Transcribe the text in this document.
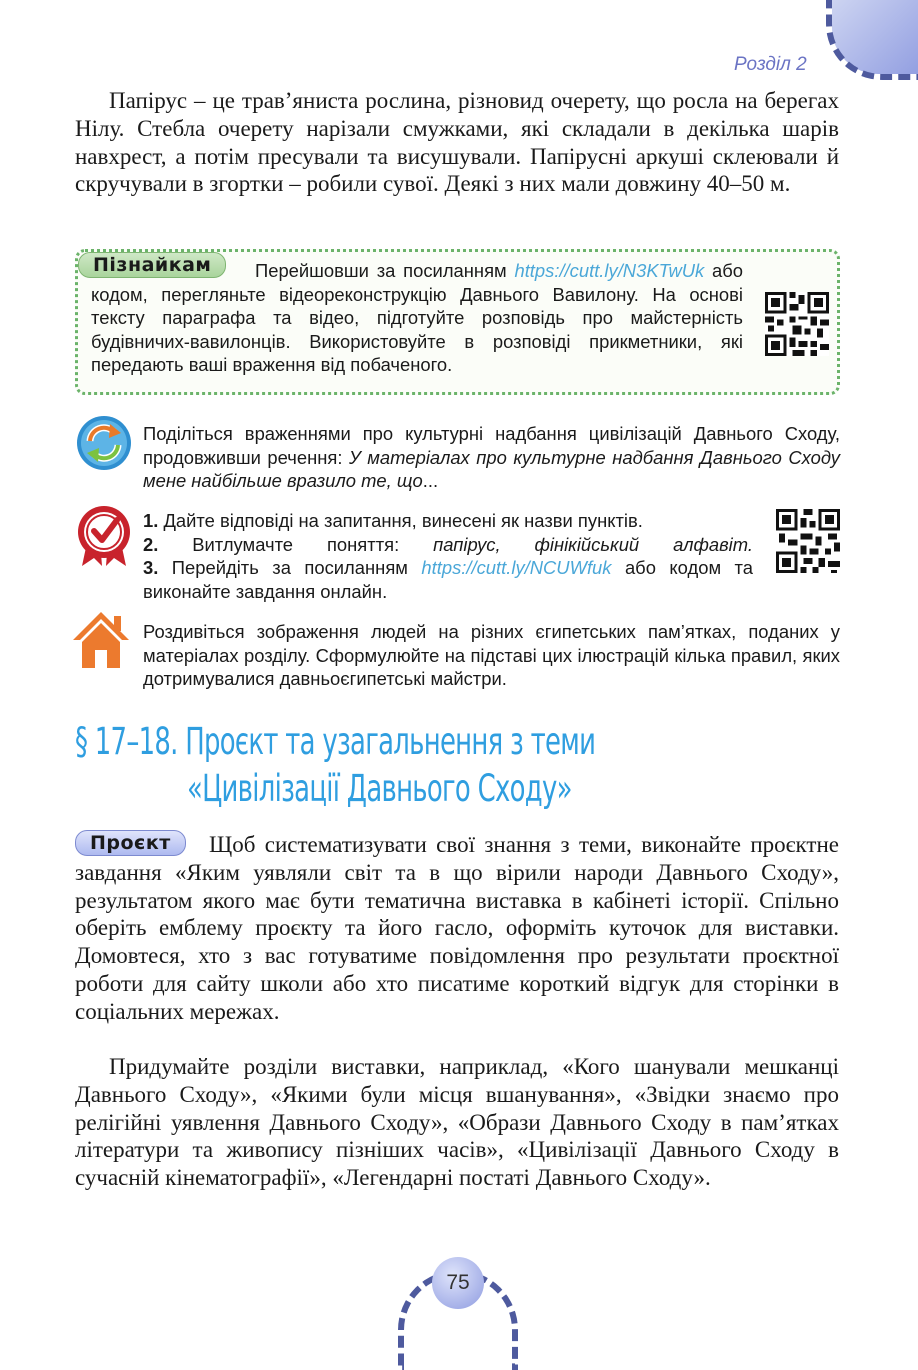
Розділ 2
Папірус – це трав’яниста рослина, різновид очерету, що росла на берегах Нілу. Стебла очерету нарізали смужками, які складали в декілька шарів навхрест, а потім пресували та висушували. Папірусні аркуші склеювали й скручували в згортки – робили сувої. Деякі з них мали довжину 40–50 м.
Пізнайкам	Перейшовши за посиланням https://cutt.ly/N3KTwUk або кодом, перегляньте відеореконструкцію Давнього Вавилону. На основі тексту параграфа та відео, підготуйте розповідь про майстерність будівничих-вавилонців. Використовуйте в розповіді прикметники, які передають ваші враження від побаченого.
Поділіться враженнями про культурні надбання цивілізацій Давнього Сходу, продовживши речення: У матеріалах про культурне надбання Давнього Сходу мене найбільше вразило те, що...
1. Дайте відповіді на запитання, винесені як назви пунктів.
2. Витлумачте поняття: папірус, фінікійський алфавіт.
3. Перейдіть за посиланням https://cutt.ly/NCUWfuk або кодом та виконайте завдання онлайн.
Роздивіться зображення людей на різних єгипетських пам’ятках, поданих у матеріалах розділу. Сформулюйте на підставі цих ілюстрацій кілька правил, яких дотримувалися давньоєгипетські майстри.
§ 17–18. Проєкт та узагальнення з теми
«Цивілізації Давнього Сходу»
Проєкт	Щоб систематизувати свої знання з теми, виконайте проєктне завдання «Яким уявляли світ та в що вірили народи Давнього Сходу», результатом якого має бути тематична виставка в кабінеті історії. Спільно оберіть емблему проєкту та його гасло, оформіть куточок для виставки. Домовтеся, хто з вас готуватиме повідомлення про результати проєктної роботи для сайту школи або хто писатиме короткий відгук для сторінки в соціальних мережах.
Придумайте розділи виставки, наприклад, «Кого шанували мешканці Давнього Сходу», «Якими були місця вшанування», «Звідки знаємо про релігійні уявлення Давнього Сходу», «Образи Давнього Сходу в пам’ятках літератури та живопису пізніших часів», «Цивілізації Давнього Сходу в сучасній кінематографії», «Легендарні постаті Давнього Сходу».
75
